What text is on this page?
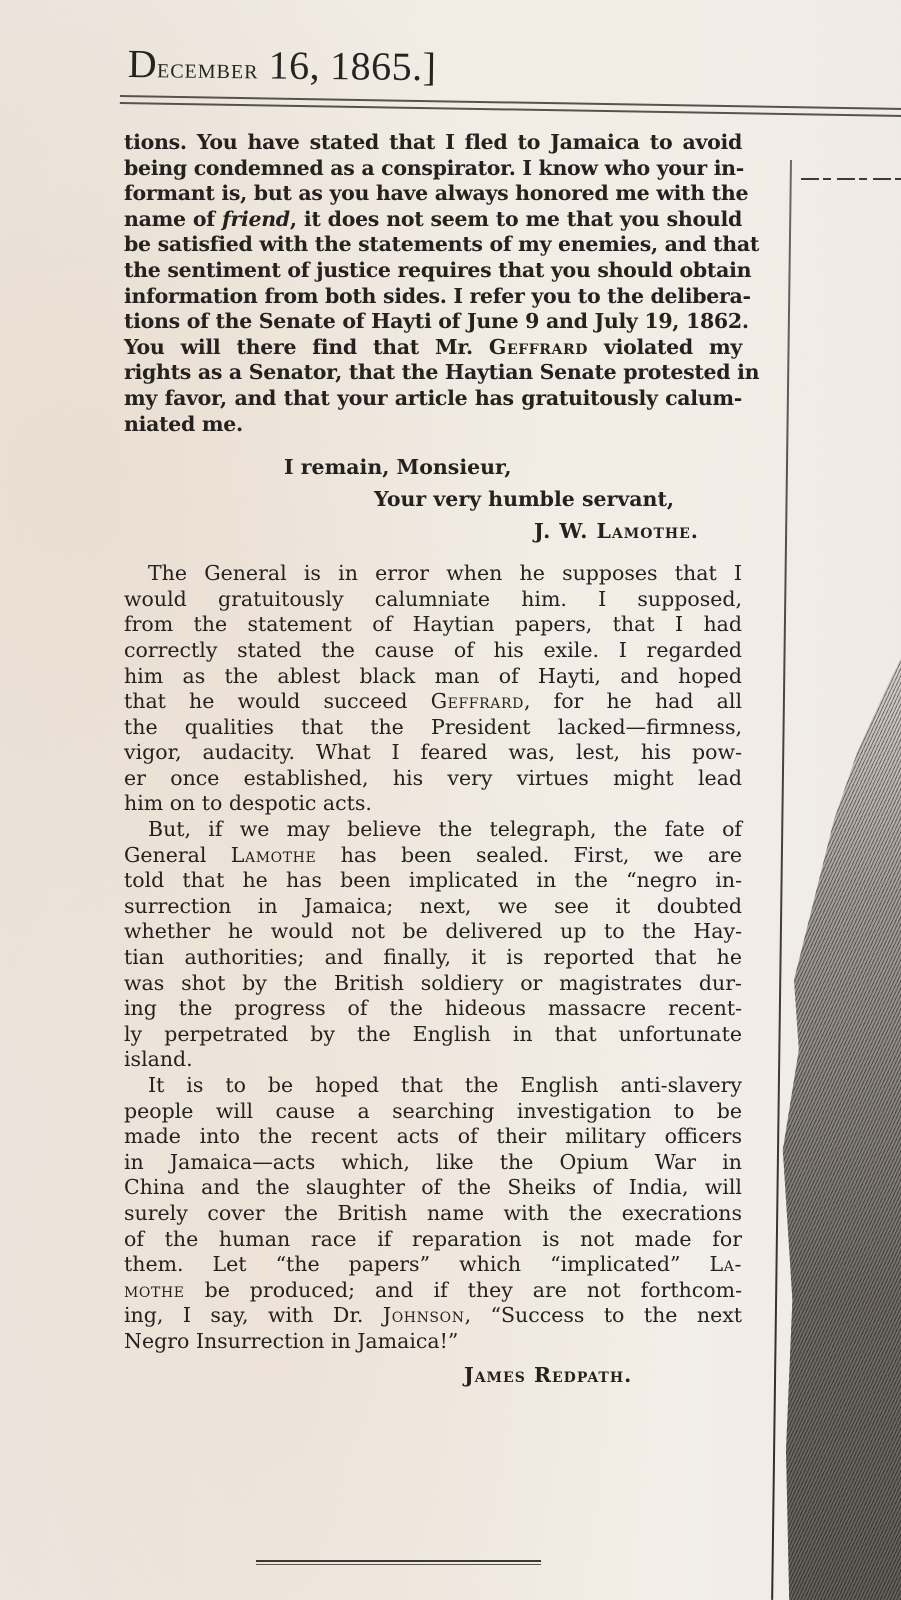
December 16, 1865.]
tions. You have stated that I fled to Jamaica to avoid
being condemned as a conspirator. I know who your in-
formant is, but as you have always honored me with the
name of friend, it does not seem to me that you should
be satisfied with the statements of my enemies, and that
the sentiment of justice requires that you should obtain
information from both sides. I refer you to the delibera-
tions of the Senate of Hayti of June 9 and July 19, 1862.
You will there find that Mr. Geffrard violated my
rights as a Senator, that the Haytian Senate protested in
my favor, and that your article has gratuitously calum-
niated me.
I remain, Monsieur,
Your very humble servant,
J. W. Lamothe.
The General is in error when he supposes that I
would gratuitously calumniate him. I supposed,
from the statement of Haytian papers, that I had
correctly stated the cause of his exile. I regarded
him as the ablest black man of Hayti, and hoped
that he would succeed Geffrard, for he had all
the qualities that the President lacked—firmness,
vigor, audacity. What I feared was, lest, his pow-
er once established, his very virtues might lead
him on to despotic acts.
But, if we may believe the telegraph, the fate of
General Lamothe has been sealed. First, we are
told that he has been implicated in the “negro in-
surrection in Jamaica; next, we see it doubted
whether he would not be delivered up to the Hay-
tian authorities; and finally, it is reported that he
was shot by the British soldiery or magistrates dur-
ing the progress of the hideous massacre recent-
ly perpetrated by the English in that unfortunate
island.
It is to be hoped that the English anti-slavery
people will cause a searching investigation to be
made into the recent acts of their military officers
in Jamaica—acts which, like the Opium War in
China and the slaughter of the Sheiks of India, will
surely cover the British name with the execrations
of the human race if reparation is not made for
them. Let “the papers” which “implicated” La-
mothe be produced; and if they are not forthcom-
ing, I say, with Dr. Johnson, “Success to the next
Negro Insurrection in Jamaica!”
James Redpath.
